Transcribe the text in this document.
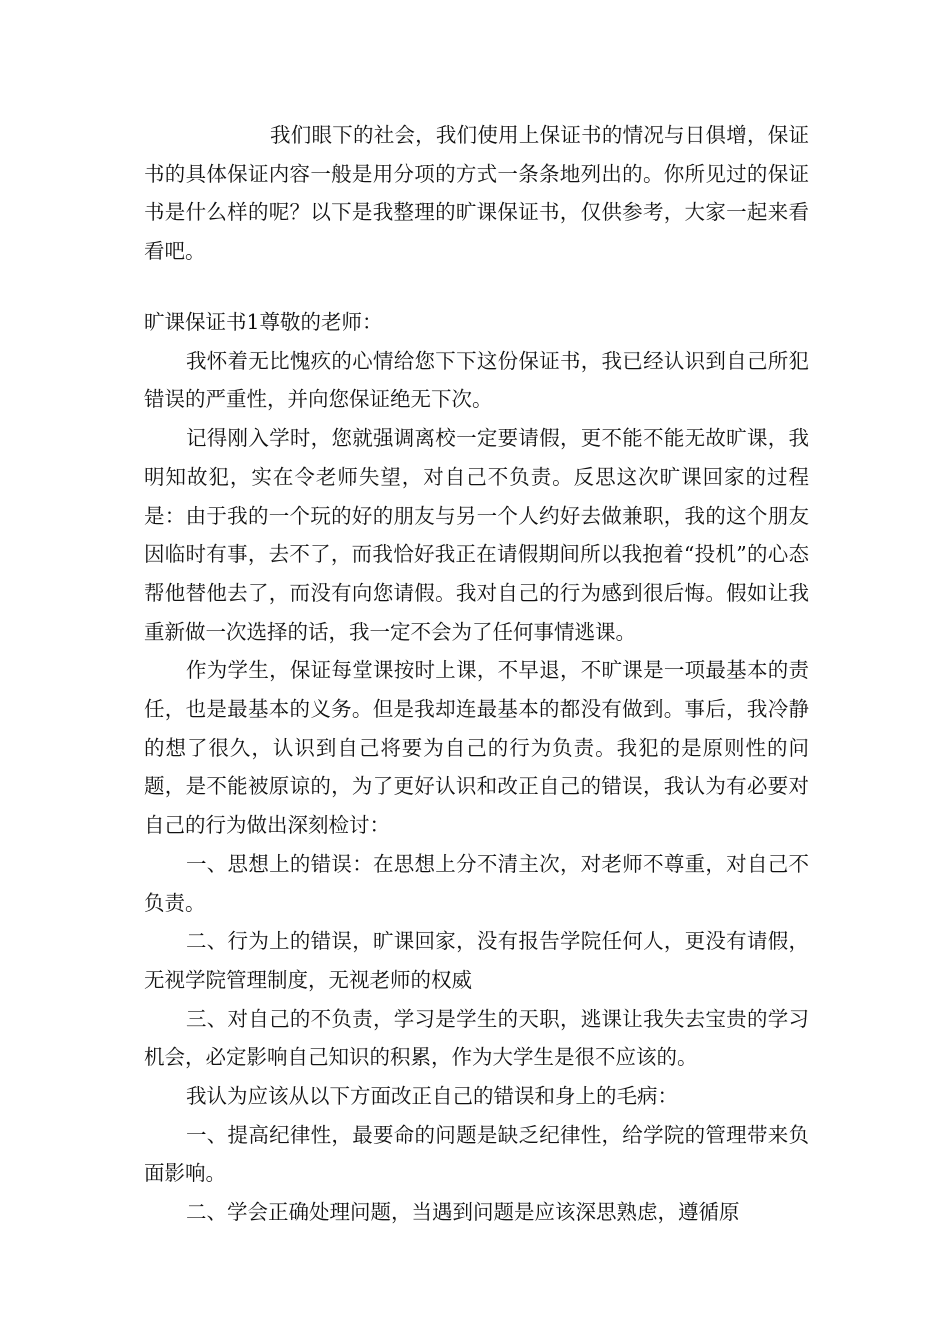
我们眼下的社会，我们使用上保证书的情况与日俱增，保证书的具体保证内容一般是用分项的方式一条条地列出的。你所见过的保证书是什么样的呢？以下是我整理的旷课保证书，仅供参考，大家一起来看看吧。

旷课保证书1尊敬的老师：

我怀着无比愧疚的心情给您下下这份保证书，我已经认识到自己所犯错误的严重性，并向您保证绝无下次。

记得刚入学时，您就强调离校一定要请假，更不能不能无故旷课，我明知故犯，实在令老师失望，对自己不负责。反思这次旷课回家的过程是：由于我的一个玩的好的朋友与另一个人约好去做兼职，我的这个朋友因临时有事，去不了，而我恰好我正在请假期间所以我抱着“投机”的心态帮他替他去了，而没有向您请假。我对自己的行为感到很后悔。假如让我重新做一次选择的话，我一定不会为了任何事情逃课。

作为学生，保证每堂课按时上课，不早退，不旷课是一项最基本的责任，也是最基本的义务。但是我却连最基本的都没有做到。事后，我冷静的想了很久，认识到自己将要为自己的行为负责。我犯的是原则性的问题，是不能被原谅的，为了更好认识和改正自己的错误，我认为有必要对自己的行为做出深刻检讨：

一、思想上的错误：在思想上分不清主次，对老师不尊重，对自己不负责。

二、行为上的错误，旷课回家，没有报告学院任何人，更没有请假，无视学院管理制度，无视老师的权威

三、对自己的不负责，学习是学生的天职，逃课让我失去宝贵的学习机会，必定影响自己知识的积累，作为大学生是很不应该的。

我认为应该从以下方面改正自己的错误和身上的毛病：

一、提高纪律性，最要命的问题是缺乏纪律性，给学院的管理带来负面影响。

二、学会正确处理问题，当遇到问题是应该深思熟虑，遵循原
